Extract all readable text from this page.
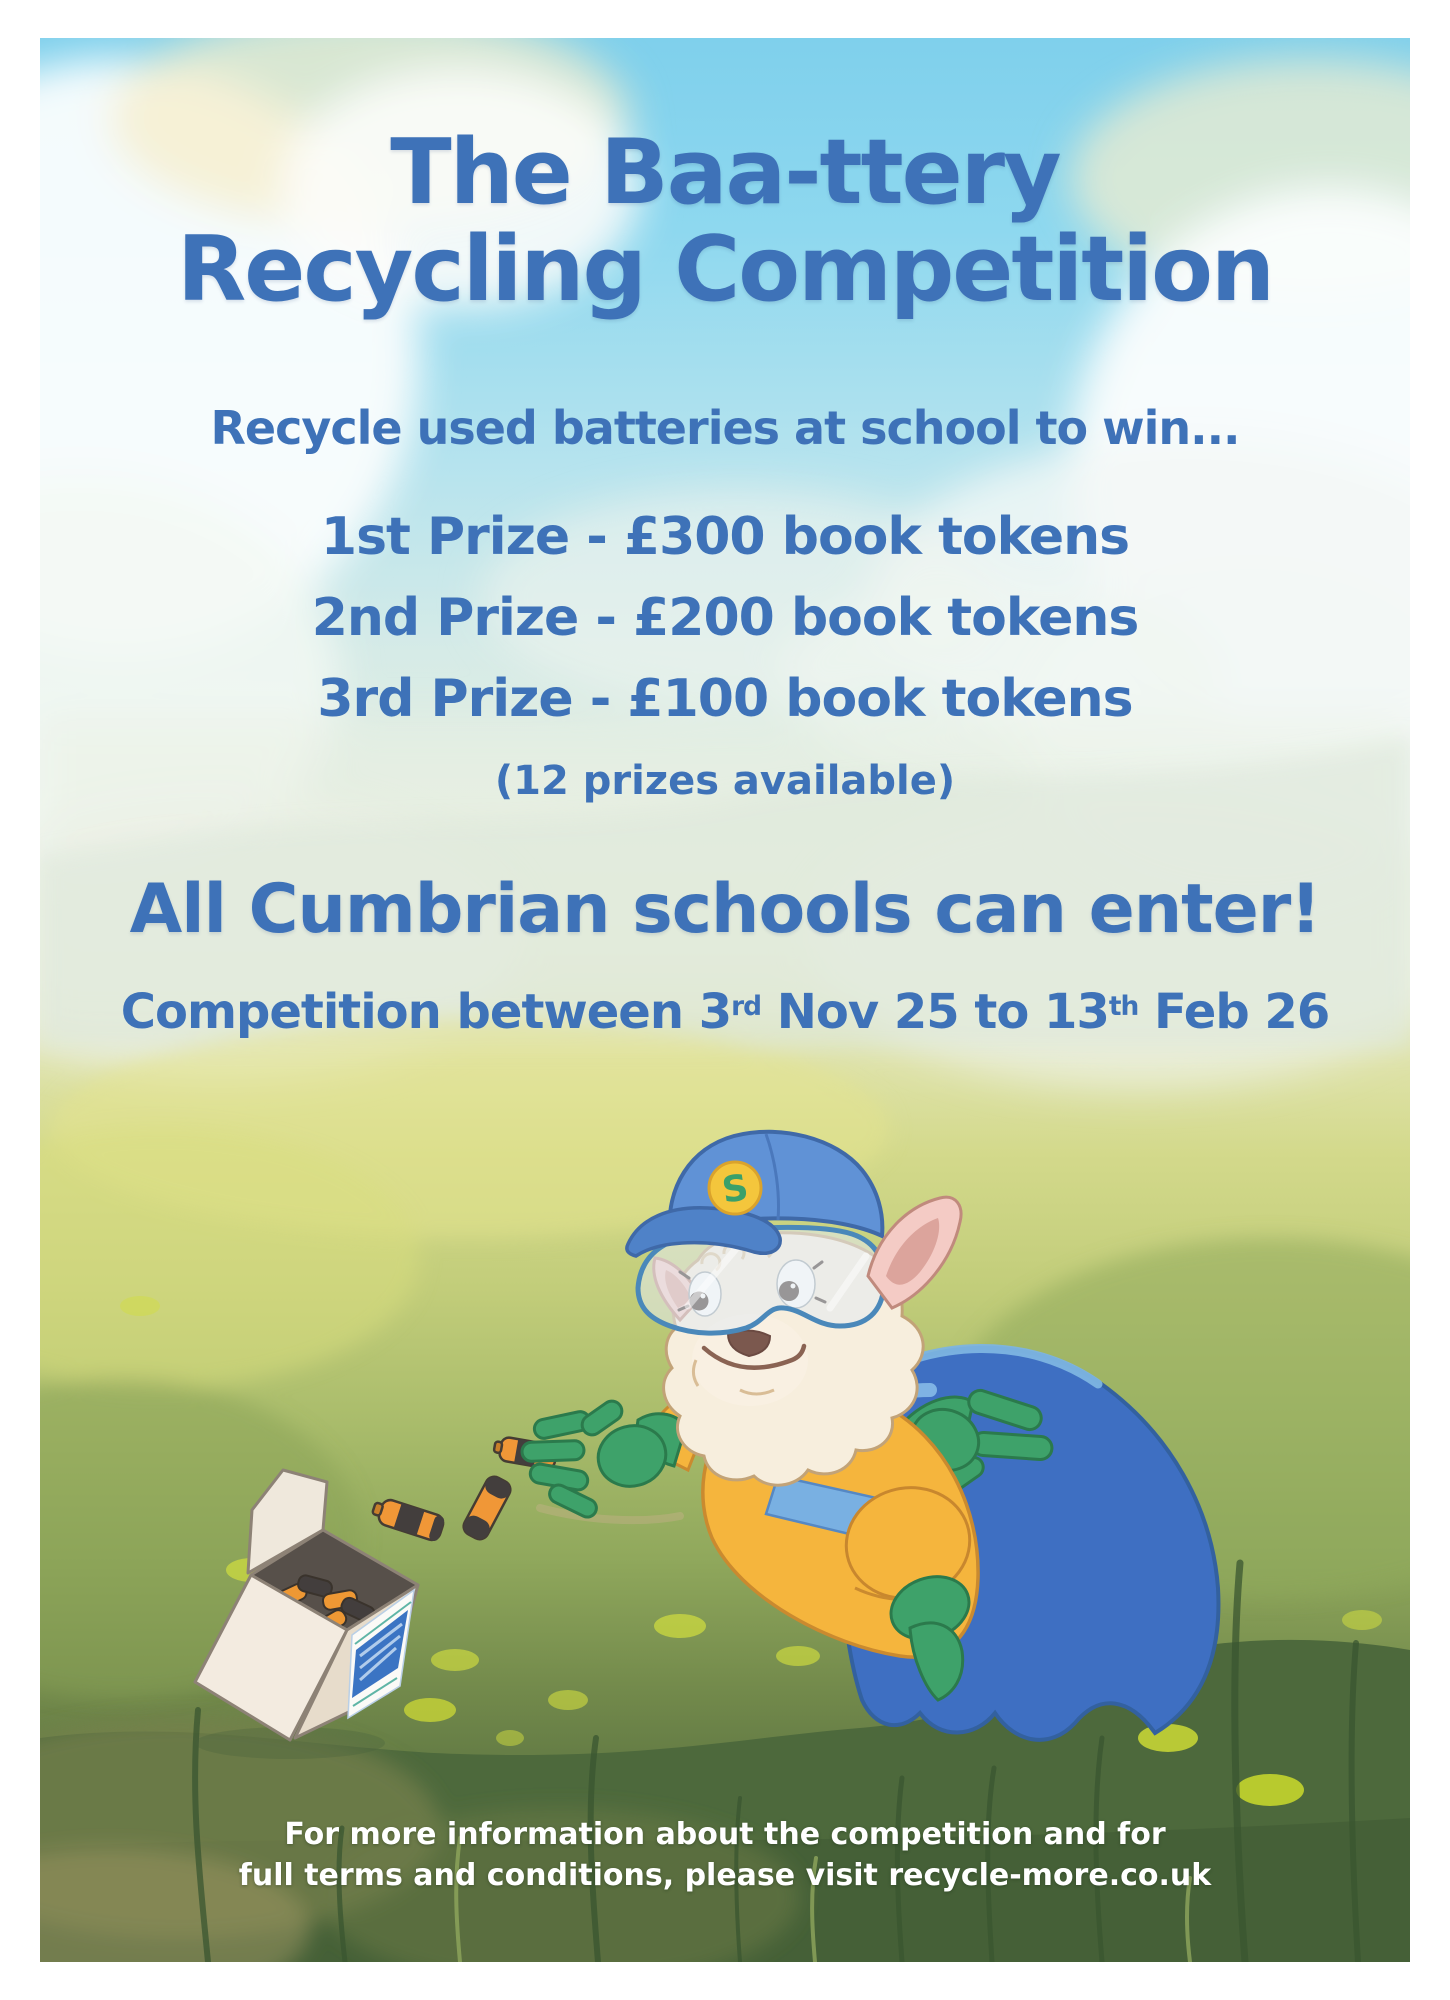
S
The Baa-ttery
Recycling Competition
Recycle used batteries at school to win...
1st Prize - £300 book tokens
2nd Prize - £200 book tokens
3rd Prize - £100 book tokens
(12 prizes available)
All Cumbrian schools can enter!
Competition between 3rd Nov 25 to 13th Feb 26
For more information about the competition and for
full terms and conditions, please visit recycle-more.co.uk
